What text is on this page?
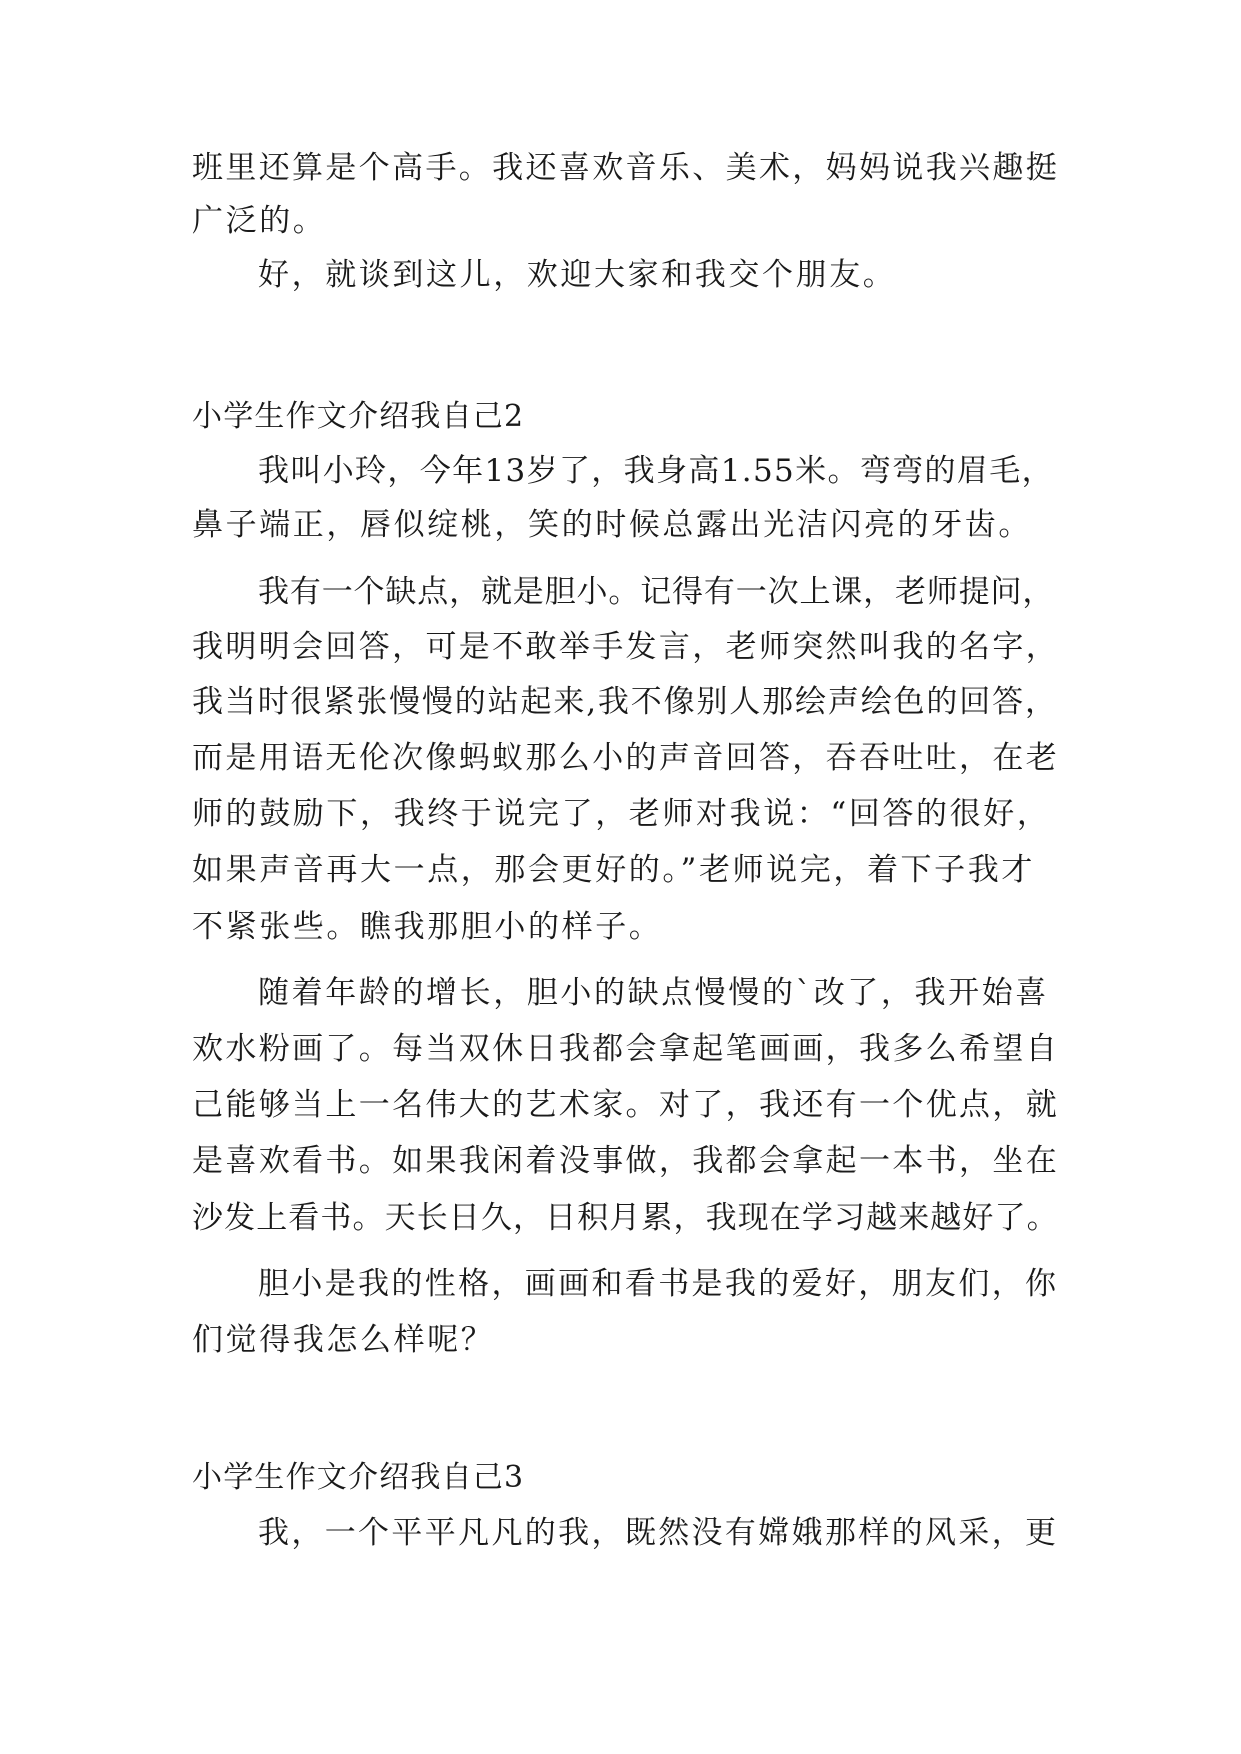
班里还算是个高手。我还喜欢音乐、美术，妈妈说我兴趣挺
广泛的。
好，就谈到这儿，欢迎大家和我交个朋友。
小学生作文介绍我自己2
我叫小玲，今年13岁了，我身高1.55米。弯弯的眉毛，
鼻子端正，唇似绽桃，笑的时候总露出光洁闪亮的牙齿。
我有一个缺点，就是胆小。记得有一次上课，老师提问，
我明明会回答，可是不敢举手发言，老师突然叫我的名字，
我当时很紧张慢慢的站起来,我不像别人那绘声绘色的回答，
而是用语无伦次像蚂蚁那么小的声音回答，吞吞吐吐，在老
师的鼓励下，我终于说完了，老师对我说：“回答的很好，
如果声音再大一点，那会更好的。”老师说完，着下子我才
不紧张些。瞧我那胆小的样子。
随着年龄的增长，胆小的缺点慢慢的`改了，我开始喜
欢水粉画了。每当双休日我都会拿起笔画画，我多么希望自
己能够当上一名伟大的艺术家。对了，我还有一个优点，就
是喜欢看书。如果我闲着没事做，我都会拿起一本书，坐在
沙发上看书。天长日久，日积月累，我现在学习越来越好了。
胆小是我的性格，画画和看书是我的爱好，朋友们，你
们觉得我怎么样呢？
小学生作文介绍我自己3
我，一个平平凡凡的我，既然没有嫦娥那样的风采，更
